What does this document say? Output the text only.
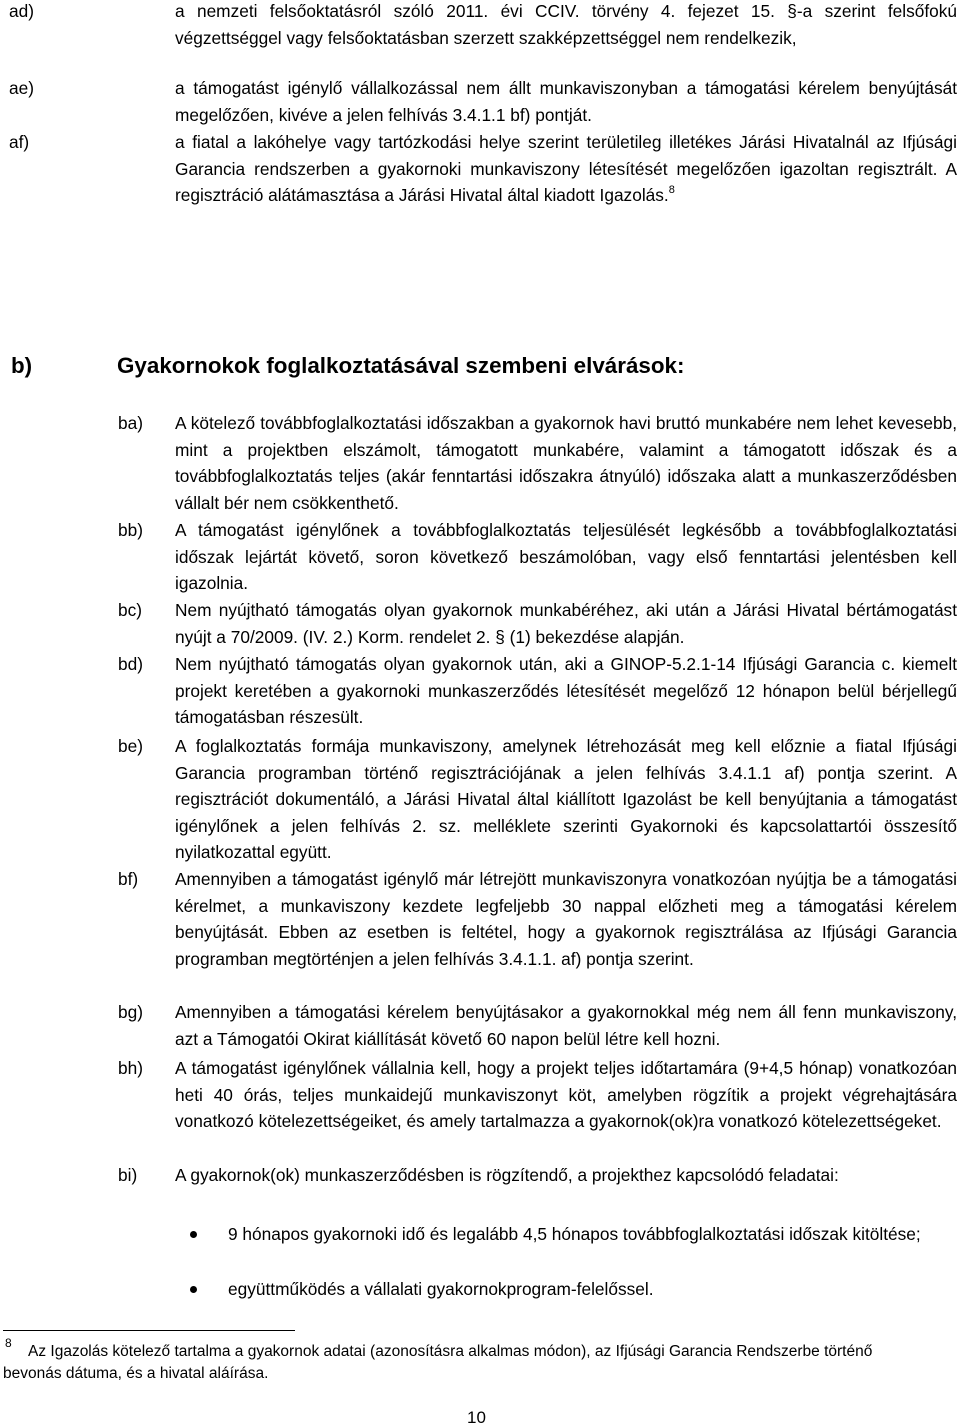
ad)	a nemzeti felsőoktatásról szóló 2011. évi CCIV. törvény 4. fejezet 15. §-a szerint felsőfokú végzettséggel vagy felsőoktatásban szerzett szakképzettséggel nem rendelkezik,
ae)	a támogatást igénylő vállalkozással nem állt munkaviszonyban a támogatási kérelem benyújtását megelőzően, kivéve a jelen felhívás 3.4.1.1 bf) pontját.
af)	a fiatal a lakóhelye vagy tartózkodási helye szerint területileg illetékes Járási Hivatalnál az Ifjúsági Garancia rendszerben a gyakornoki munkaviszony létesítését megelőzően igazoltan regisztrált. A regisztráció alátámasztása a Járási Hivatal által kiadott Igazolás.$^8$
b)	Gyakornokok foglalkoztatásával szembeni elvárások:
ba) A kötelező továbbfoglalkoztatási időszakban a gyakornok havi bruttó munkabére nem lehet kevesebb, mint a projektben elszámolt, támogatott munkabére, valamint a támogatott időszak és a továbbfoglalkoztatás teljes (akár fenntartási időszakra átnyúló) időszaka alatt a munkaszerződésben vállalt bér nem csökkenthető.
bb) A támogatást igénylőnek a továbbfoglalkoztatás teljesülését legkésőbb a továbbfoglalkoztatási időszak lejártát követő, soron következő beszámolóban, vagy első fenntartási jelentésben kell igazolnia.
bc) Nem nyújtható támogatás olyan gyakornok munkabéréhez, aki után a Járási Hivatal bértámogatást nyújt a 70/2009. (IV. 2.) Korm. rendelet 2. § (1) bekezdése alapján.
bd) Nem nyújtható támogatás olyan gyakornok után, aki a GINOP-5.2.1-14 Ifjúsági Garancia c. kiemelt projekt keretében a gyakornoki munkaszerződés létesítését megelőző 12 hónapon belül bérjellegű támogatásban részesült.
be) A foglalkoztatás formája munkaviszony, amelynek létrehozását meg kell előznie a fiatal Ifjúsági Garancia programban történő regisztrációjának a jelen felhívás 3.4.1.1 af) pontja szerint. A regisztrációt dokumentáló, a Járási Hivatal által kiállított Igazolást be kell benyújtania a támogatást igénylőnek a jelen felhívás 2. sz. melléklete szerinti Gyakornoki és kapcsolattartói összesítő nyilatkozattal együtt.
bf) Amennyiben a támogatást igénylő már létrejött munkaviszonyra vonatkozóan nyújtja be a támogatási kérelmet, a munkaviszony kezdete legfeljebb 30 nappal előzheti meg a támogatási kérelem benyújtását. Ebben az esetben is feltétel, hogy a gyakornok regisztrálása az Ifjúsági Garancia programban megtörténjen a jelen felhívás 3.4.1.1. af) pontja szerint.
bg) Amennyiben a támogatási kérelem benyújtásakor a gyakornokkal még nem áll fenn munkaviszony, azt a Támogatói Okirat kiállítását követő 60 napon belül létre kell hozni.
bh) A támogatást igénylőnek vállalnia kell, hogy a projekt teljes időtartamára (9+4,5 hónap) vonatkozóan heti 40 órás, teljes munkaidejű munkaviszonyt köt, amelyben rögzítik a projekt végrehajtására vonatkozó kötelezettségeiket, és amely tartalmazza a gyakornok(ok)ra vonatkozó kötelezettségeket.
bi) A gyakornok(ok) munkaszerződésben is rögzítendő, a projekthez kapcsolódó feladatai:
9 hónapos gyakornoki idő és legalább 4,5 hónapos továbbfoglalkoztatási időszak kitöltése;
együttműködés a vállalati gyakornokprogram-felelőssel.
8	Az Igazolás kötelező tartalma a gyakornok adatai (azonosításra alkalmas módon), az Ifjúsági Garancia Rendszerbe történő bevonás dátuma, és a hivatal aláírása.
10
